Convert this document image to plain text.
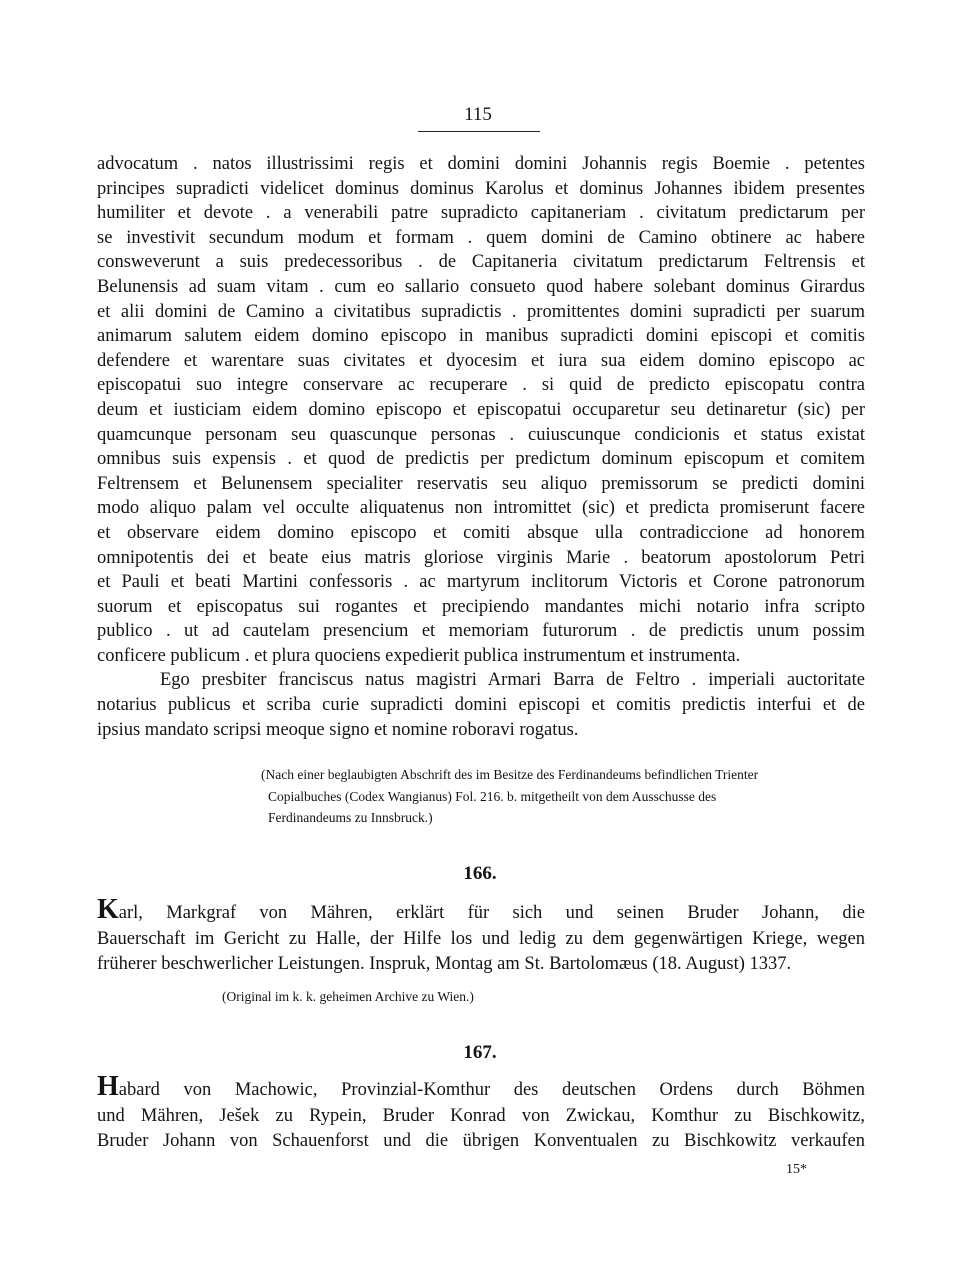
115

advocatum . natos illustrissimi regis et domini domini Johannis regis Boemie . petentes

principes supradicti videlicet dominus dominus Karolus et dominus Johannes ibidem presentes

humiliter et devote . a venerabili patre supradicto capitaneriam . civitatum predictarum per

se investivit secundum modum et formam . quem domini de Camino obtinere ac habere

consweverunt a suis predecessoribus . de Capitaneria civitatum predictarum Feltrensis et

Belunensis ad suam vitam . cum eo sallario consueto quod habere solebant dominus Girardus

et alii domini de Camino a civitatibus supradictis . promittentes domini supradicti per suarum

animarum salutem eidem domino episcopo in manibus supradicti domini episcopi et comitis

defendere et warentare suas civitates et dyocesim et iura sua eidem domino episcopo ac

episcopatui suo integre conservare ac recuperare . si quid de predicto episcopatu contra

deum et iusticiam eidem domino episcopo et episcopatui occuparetur seu detinaretur (sic) per

quamcunque personam seu quascunque personas . cuiuscunque condicionis et status existat

omnibus suis expensis . et quod de predictis per predictum dominum episcopum et comitem

Feltrensem et Belunensem specialiter reservatis seu aliquo premissorum se predicti domini

modo aliquo palam vel occulte aliquatenus non intromittet (sic) et predicta promiserunt facere

et observare eidem domino episcopo et comiti absque ulla contradiccione ad honorem

omnipotentis dei et beate eius matris gloriose virginis Marie . beatorum apostolorum Petri

et Pauli et beati Martini confessoris . ac martyrum inclitorum Victoris et Corone patronorum

suorum et episcopatus sui rogantes et precipiendo mandantes michi notario infra scripto

publico . ut ad cautelam presencium et memoriam futurorum . de predictis unum possim

conficere publicum . et plura quociens expedierit publica instrumentum et instrumenta.

Ego presbiter franciscus natus magistri Armari Barra de Feltro . imperiali auctoritate

notarius publicus et scriba curie supradicti domini episcopi et comitis predictis interfui et de

ipsius mandato scripsi meoque signo et nomine roboravi rogatus.

(Nach einer beglaubigten Abschrift des im Besitze des Ferdinandeums befindlichen Trienter
Copialbuches (Codex Wangianus) Fol. 216. b. mitgetheilt von dem Ausschusse des
Ferdinandeums zu Innsbruck.)
166.

Karl, Markgraf von Mähren, erklärt für sich und seinen Bruder Johann, die

Bauerschaft im Gericht zu Halle, der Hilfe los und ledig zu dem gegenwärtigen Kriege, wegen

früherer beschwerlicher Leistungen. Inspruk, Montag am St. Bartolomæus (18. August) 1337.

(Original im k. k. geheimen Archive zu Wien.)
167.

Habard von Machowic, Provinzial-Komthur des deutschen Ordens durch Böhmen

und Mähren, Ješek zu Rypein, Bruder Konrad von Zwickau, Komthur zu Bischkowitz,

Bruder Johann von Schauenforst und die übrigen Konventualen zu Bischkowitz verkaufen

15*
